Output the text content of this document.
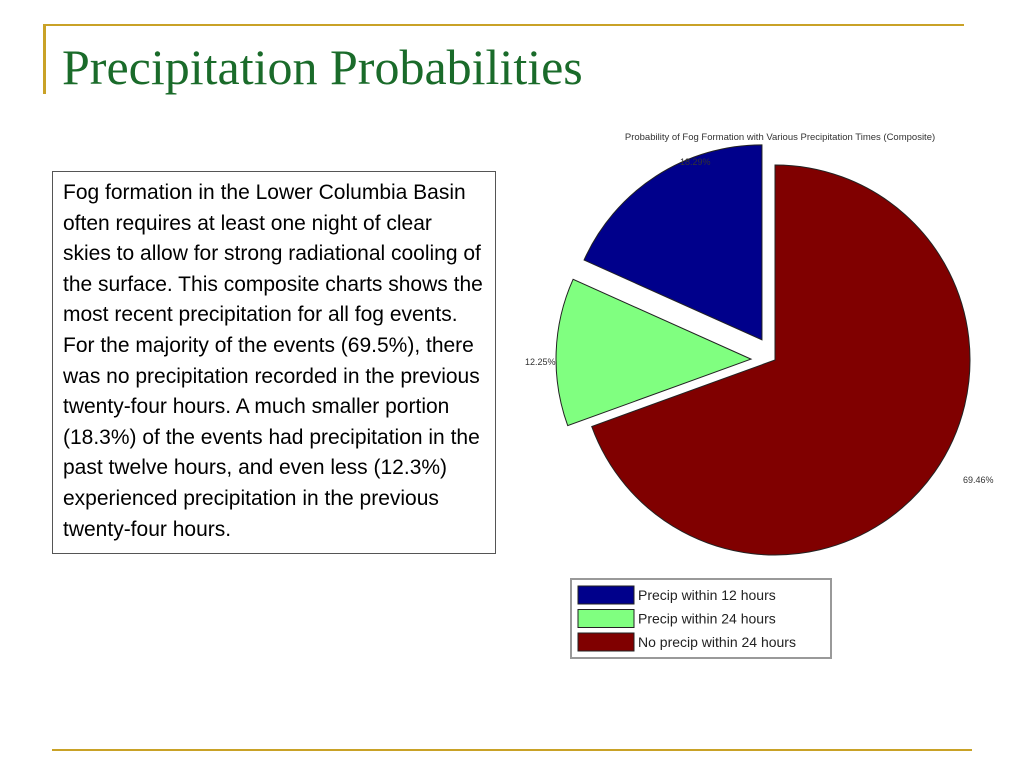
Precipitation Probabilities
Fog formation in the Lower Columbia Basin often requires at least one night of clear skies to allow for strong radiational cooling of the surface. This composite charts shows the most recent precipitation for all fog events. For the majority of the events (69.5%), there was no precipitation recorded in the previous twenty-four hours. A much smaller portion (18.3%) of the events had precipitation in the past twelve hours, and even less (12.3%) experienced precipitation in the previous twenty-four hours.
Probability of Fog Formation with Various Precipitation Times (Composite)
18.29%
12.25%
69.46%
Precip within 12 hours
Precip within 24 hours
No precip within 24 hours
